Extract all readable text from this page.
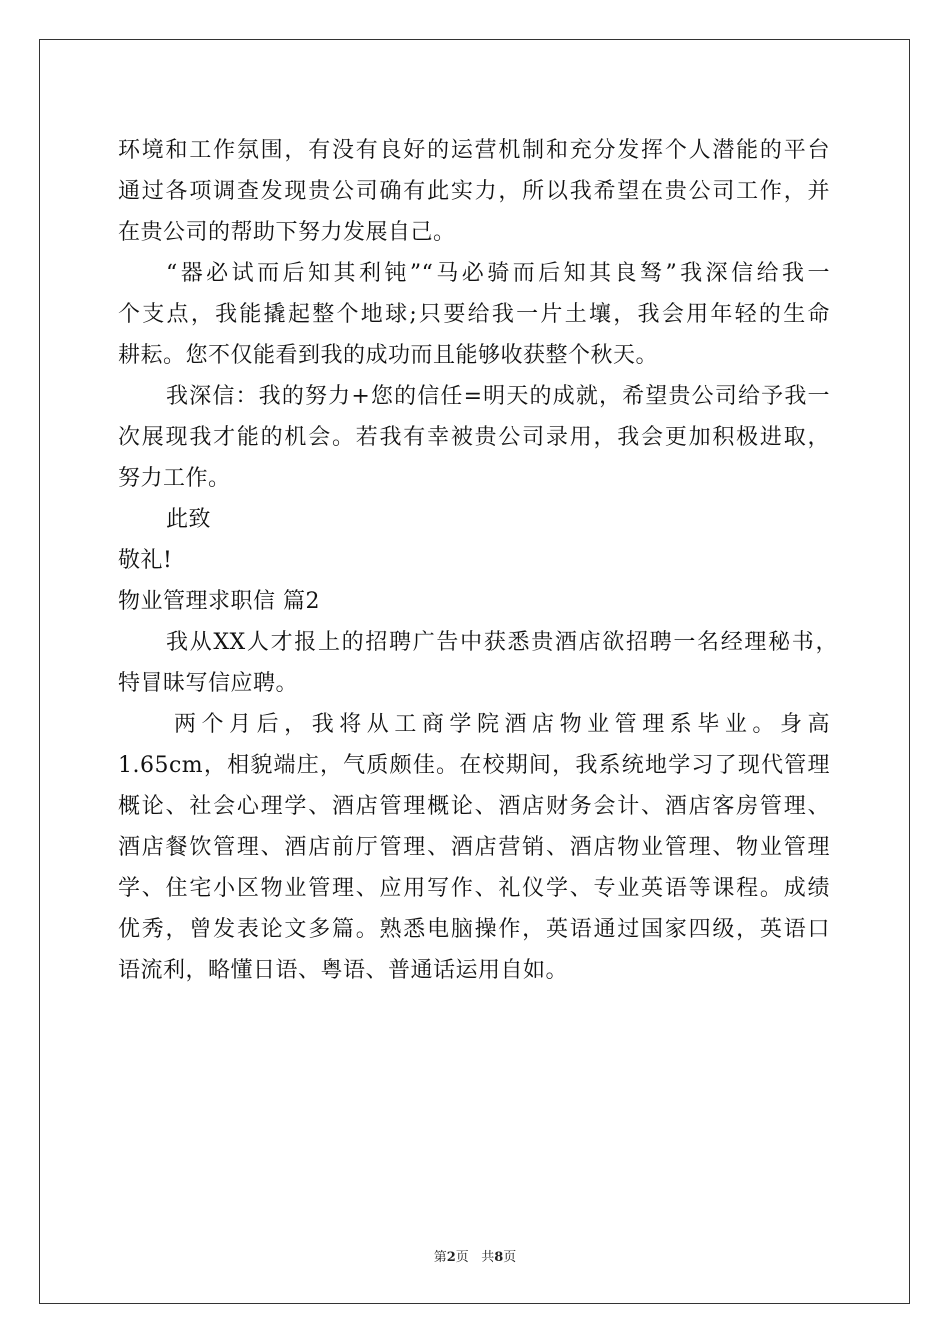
环境和工作氛围，有没有良好的运营机制和充分发挥个人潜能的平台
通过各项调查发现贵公司确有此实力，所以我希望在贵公司工作，并
在贵公司的帮助下努力发展自己。
“器必试而后知其利钝”“马必骑而后知其良驽”我深信给我一
个支点，我能撬起整个地球;只要给我一片土壤，我会用年轻的生命
耕耘。您不仅能看到我的成功而且能够收获整个秋天。
我深信：我的努力+您的信任=明天的成就，希望贵公司给予我一
次展现我才能的机会。若我有幸被贵公司录用，我会更加积极进取，
努力工作。
此致
敬礼!
物业管理求职信 篇2
我从XX人才报上的招聘广告中获悉贵酒店欲招聘一名经理秘书，
特冒昧写信应聘。
两个月后，我将从工商学院酒店物业管理系毕业。身高
1.65cm，相貌端庄，气质颇佳。在校期间，我系统地学习了现代管理
概论、社会心理学、酒店管理概论、酒店财务会计、酒店客房管理、
酒店餐饮管理、酒店前厅管理、酒店营销、酒店物业管理、物业管理
学、住宅小区物业管理、应用写作、礼仪学、专业英语等课程。成绩
优秀，曾发表论文多篇。熟悉电脑操作，英语通过国家四级，英语口
语流利，略懂日语、粤语、普通话运用自如。
第2页 共8页
